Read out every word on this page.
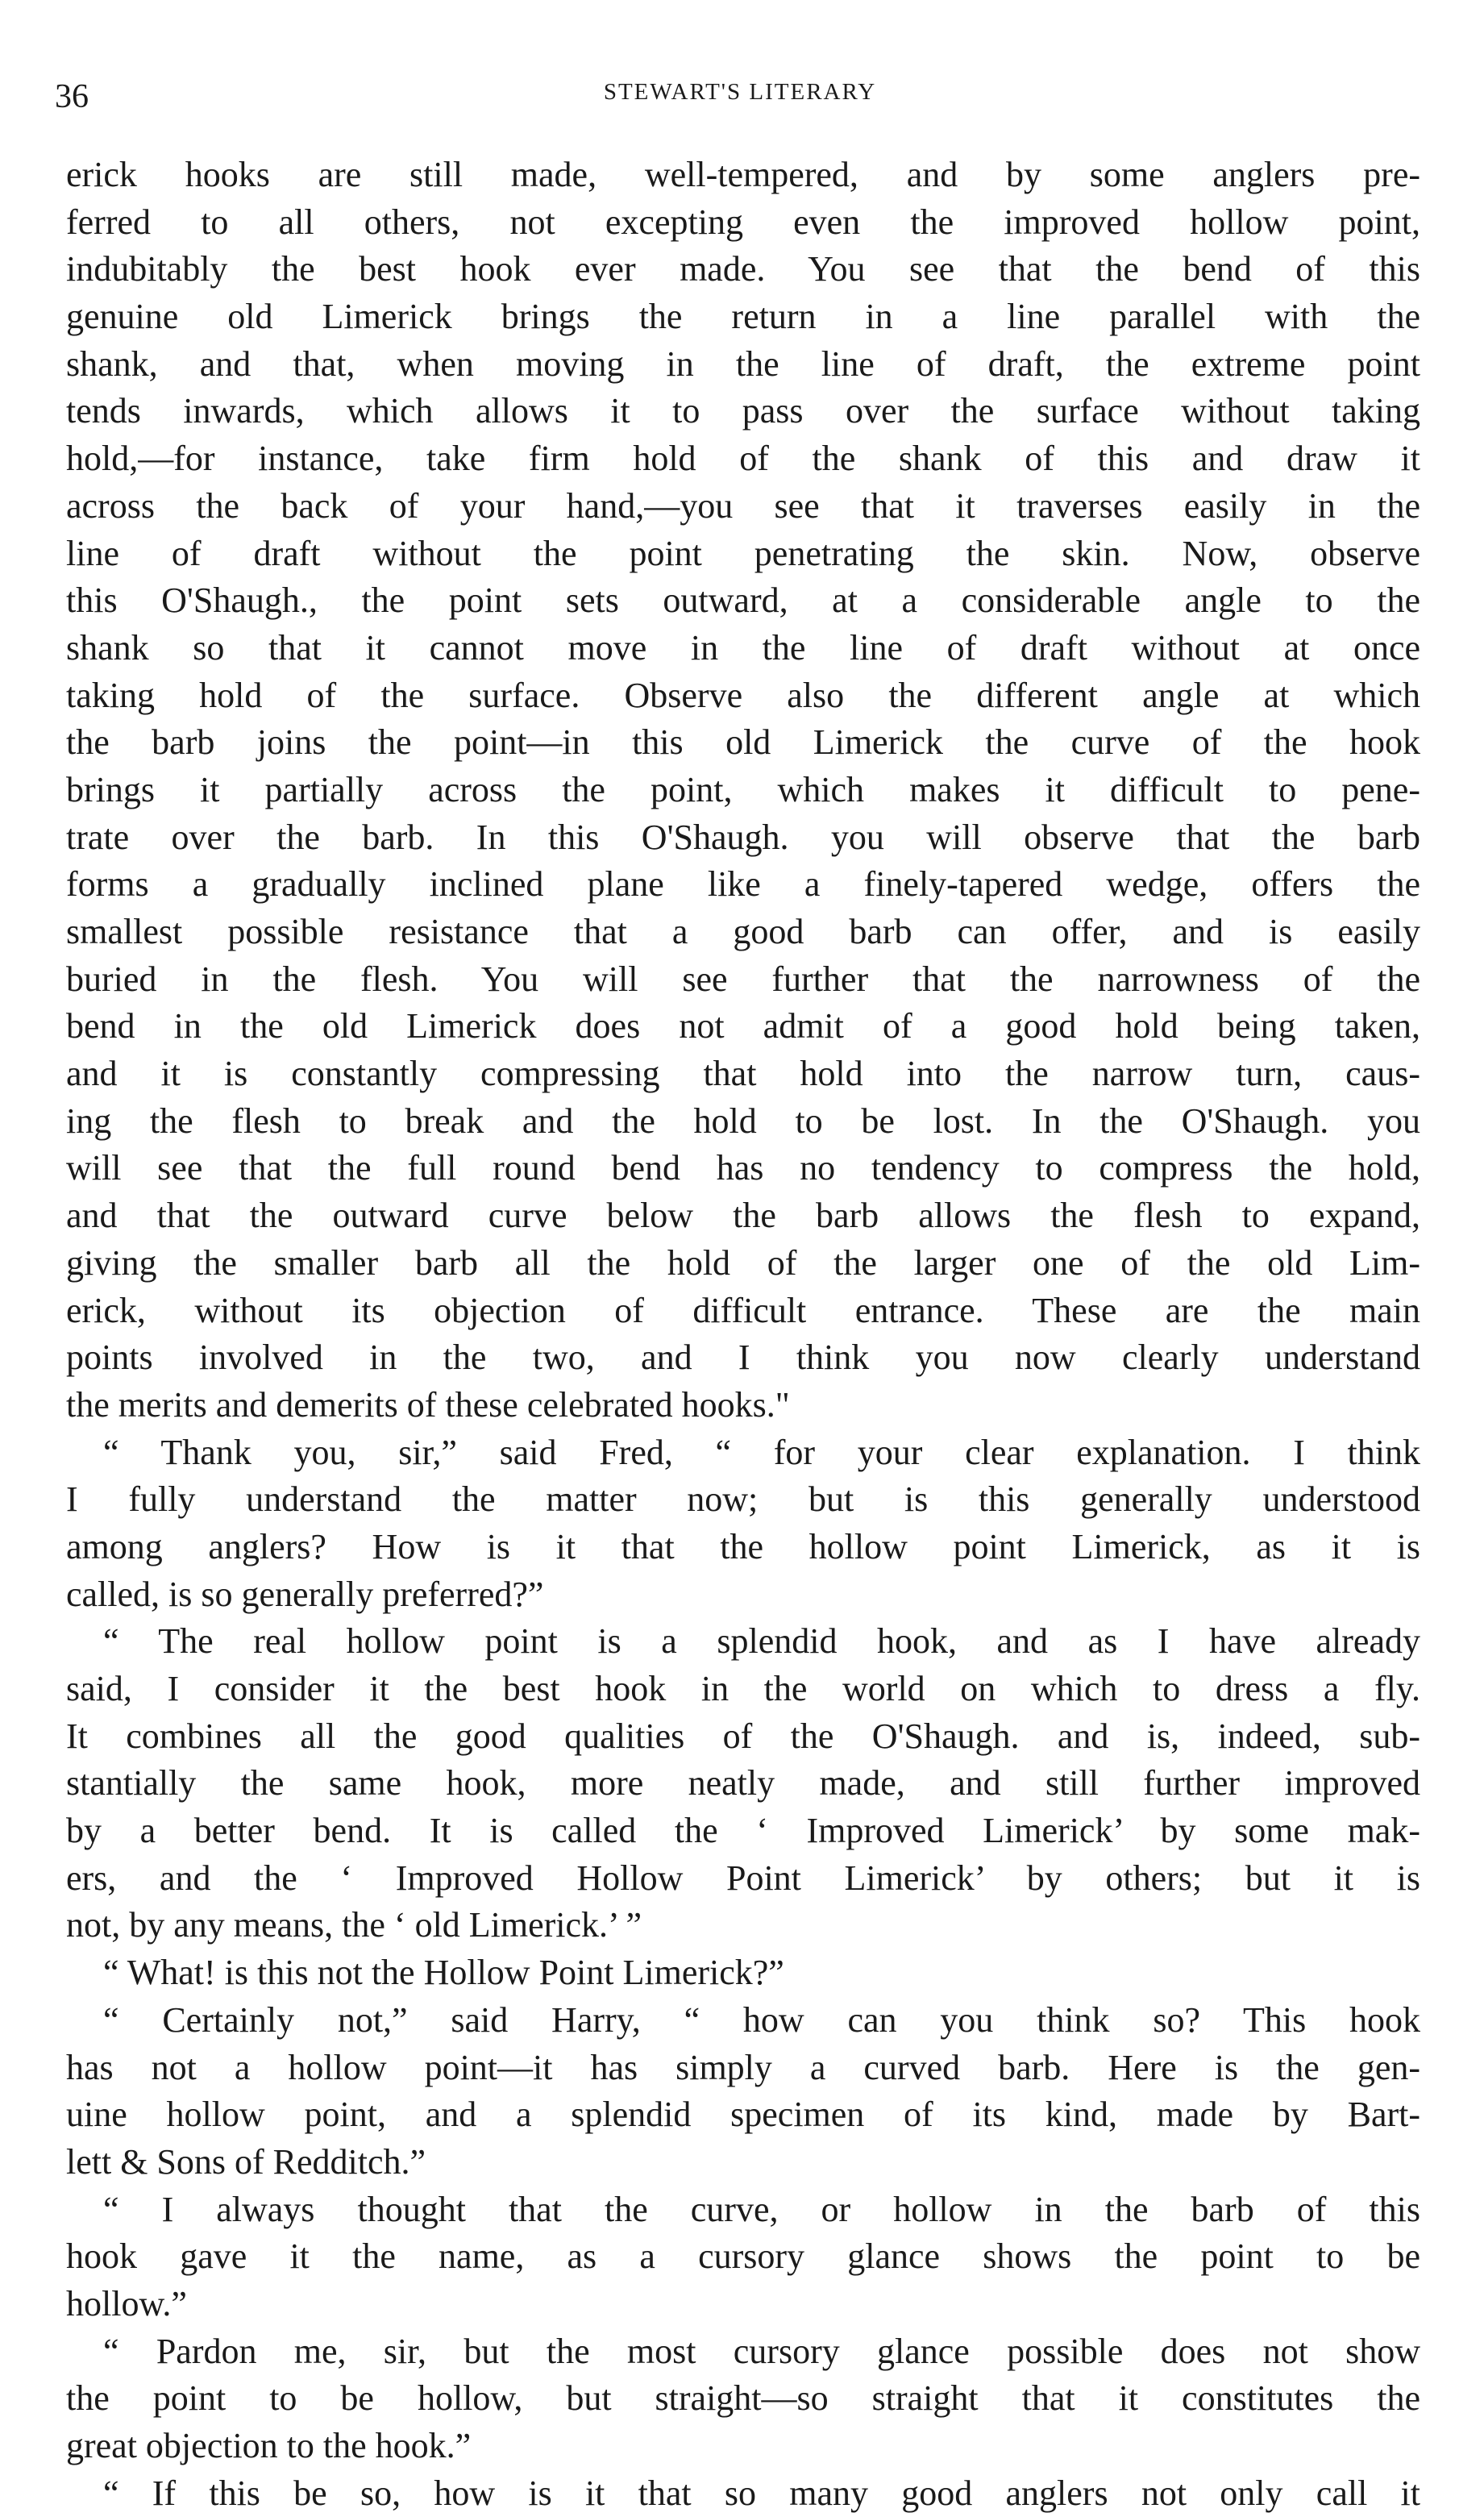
36	STEWART'S LITERARY
erick hooks are still made, well-tempered, and by some anglers pre-
ferred to all others, not excepting even the improved hollow point,
indubitably the best hook ever made. You see that the bend of this
genuine old Limerick brings the return in a line parallel with the
shank, and that, when moving in the line of draft, the extreme point
tends inwards, which allows it to pass over the surface without taking
hold,—for instance, take firm hold of the shank of this and draw it
across the back of your hand,—you see that it traverses easily in the
line of draft without the point penetrating the skin. Now, observe
this O'Shaugh., the point sets outward, at a considerable angle to the
shank so that it cannot move in the line of draft without at once
taking hold of the surface. Observe also the different angle at which
the barb joins the point—in this old Limerick the curve of the hook
brings it partially across the point, which makes it difficult to pene-
trate over the barb. In this O'Shaugh. you will observe that the barb
forms a gradually inclined plane like a finely-tapered wedge, offers the
smallest possible resistance that a good barb can offer, and is easily
buried in the flesh. You will see further that the narrowness of the
bend in the old Limerick does not admit of a good hold being taken,
and it is constantly compressing that hold into the narrow turn, caus-
ing the flesh to break and the hold to be lost. In the O'Shaugh. you
will see that the full round bend has no tendency to compress the hold,
and that the outward curve below the barb allows the flesh to expand,
giving the smaller barb all the hold of the larger one of the old Lim-
erick, without its objection of difficult entrance. These are the main
points involved in the two, and I think you now clearly understand
the merits and demerits of these celebrated hooks."
“ Thank you, sir,” said Fred, “ for your clear explanation. I think
I fully understand the matter now; but is this generally understood
among anglers? How is it that the hollow point Limerick, as it is
called, is so generally preferred?”
“ The real hollow point is a splendid hook, and as I have already
said, I consider it the best hook in the world on which to dress a fly.
It combines all the good qualities of the O'Shaugh. and is, indeed, sub-
stantially the same hook, more neatly made, and still further improved
by a better bend. It is called the ‘ Improved Limerick’ by some mak-
ers, and the ‘ Improved Hollow Point Limerick’ by others; but it is
not, by any means, the ‘ old Limerick.’ ”
“ What! is this not the Hollow Point Limerick?”
“ Certainly not,” said Harry, “ how can you think so? This hook
has not a hollow point—it has simply a curved barb. Here is the gen-
uine hollow point, and a splendid specimen of its kind, made by Bart-
lett & Sons of Redditch.”
“ I always thought that the curve, or hollow in the barb of this
hook gave it the name, as a cursory glance shows the point to be
hollow.”
“ Pardon me, sir, but the most cursory glance possible does not show
the point to be hollow, but straight—so straight that it constitutes the
great objection to the hook.”
“ If this be so, how is it that so many good anglers not only call it
